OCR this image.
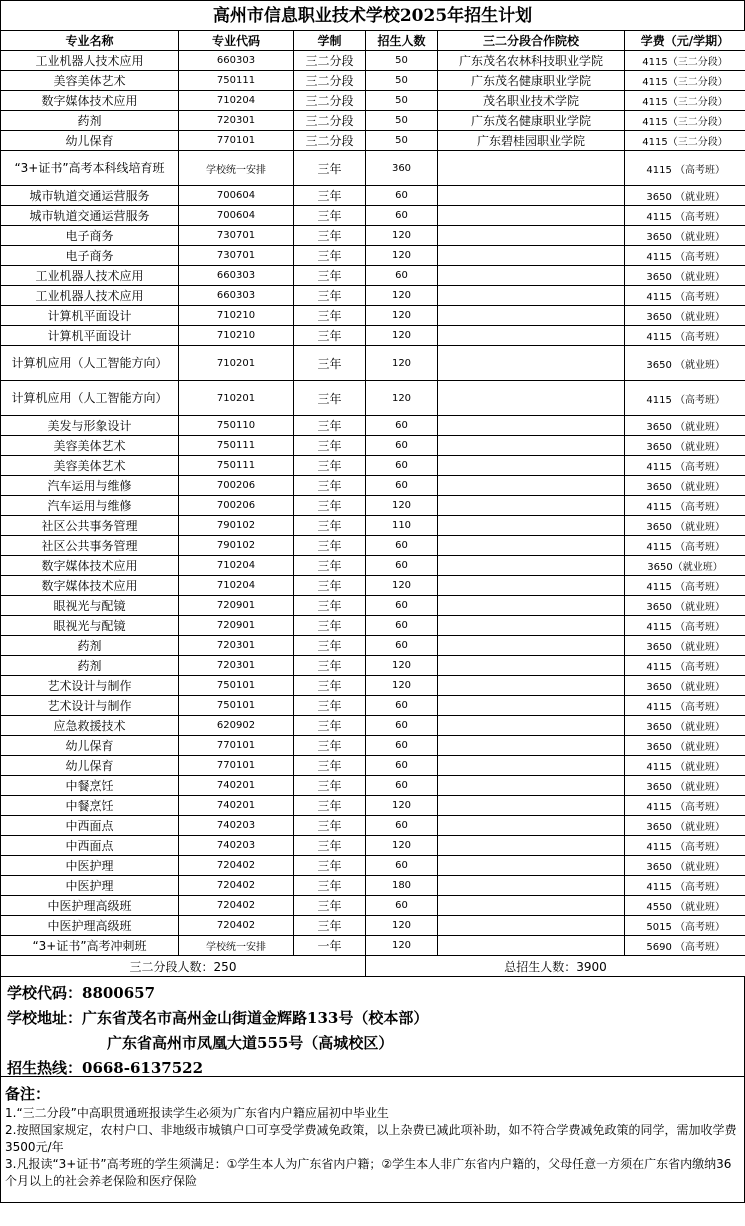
高州市信息职业技术学校2025年招生计划
专业名称	专业代码	学制	招生人数	三二分段合作院校	学费（元/学期）
工业机器人技术应用	660303	三二分段	50	广东茂名农林科技职业学院	4115（三二分段）
美容美体艺术	750111	三二分段	50	广东茂名健康职业学院	4115（三二分段）
数字媒体技术应用	710204	三二分段	50	茂名职业技术学院	4115（三二分段）
药剂	720301	三二分段	50	广东茂名健康职业学院	4115（三二分段）
幼儿保育	770101	三二分段	50	广东碧桂园职业学院	4115（三二分段）
“3+证书”高考本科线培育班	学校统一安排	三年	360		4115 （高考班）
城市轨道交通运营服务	700604	三年	60		3650 （就业班）
城市轨道交通运营服务	700604	三年	60		4115 （高考班）
电子商务	730701	三年	120		3650 （就业班）
电子商务	730701	三年	120		4115 （高考班）
工业机器人技术应用	660303	三年	60		3650 （就业班）
工业机器人技术应用	660303	三年	120		4115 （高考班）
计算机平面设计	710210	三年	120		3650 （就业班）
计算机平面设计	710210	三年	120		4115 （高考班）
计算机应用（人工智能方向）	710201	三年	120		3650 （就业班）
计算机应用（人工智能方向）	710201	三年	120		4115 （高考班）
美发与形象设计	750110	三年	60		3650 （就业班）
美容美体艺术	750111	三年	60		3650 （就业班）
美容美体艺术	750111	三年	60		4115 （高考班）
汽车运用与维修	700206	三年	60		3650 （就业班）
汽车运用与维修	700206	三年	120		4115 （高考班）
社区公共事务管理	790102	三年	110		3650 （就业班）
社区公共事务管理	790102	三年	60		4115 （高考班）
数字媒体技术应用	710204	三年	60		3650（就业班）
数字媒体技术应用	710204	三年	120		4115 （高考班）
眼视光与配镜	720901	三年	60		3650 （就业班）
眼视光与配镜	720901	三年	60		4115 （高考班）
药剂	720301	三年	60		3650 （就业班）
药剂	720301	三年	120		4115 （高考班）
艺术设计与制作	750101	三年	120		3650 （就业班）
艺术设计与制作	750101	三年	60		4115 （高考班）
应急救援技术	620902	三年	60		3650 （就业班）
幼儿保育	770101	三年	60		3650 （就业班）
幼儿保育	770101	三年	60		4115 （就业班）
中餐烹饪	740201	三年	60		3650 （就业班）
中餐烹饪	740201	三年	120		4115 （高考班）
中西面点	740203	三年	60		3650 （就业班）
中西面点	740203	三年	120		4115 （高考班）
中医护理	720402	三年	60		3650 （就业班）
中医护理	720402	三年	180		4115 （高考班）
中医护理高级班	720402	三年	60		4550 （就业班）
中医护理高级班	720402	三年	120		5015 （高考班）
“3+证书”高考冲刺班	学校统一安排	一年	120		5690 （高考班）
三二分段人数：250			总招生人数：3900		
学校代码：8800657
学校地址：广东省茂名市高州金山街道金辉路133号（校本部）
广东省高州市凤凰大道555号（高城校区）
招生热线：0668-6137522
备注：
1.“三二分段”中高职贯通班报读学生必须为广东省内户籍应届初中毕业生
2.按照国家规定，农村户口、非地级市城镇户口可享受学费减免政策，以上杂费已减此项补助，如不符合学费减免政策的同学，需加收学费3500元/年
3.凡报读“3+证书”高考班的学生须满足：①学生本人为广东省内户籍；②学生本人非广东省内户籍的，父母任意一方须在广东省内缴纳36个月以上的社会养老保险和医疗保险
